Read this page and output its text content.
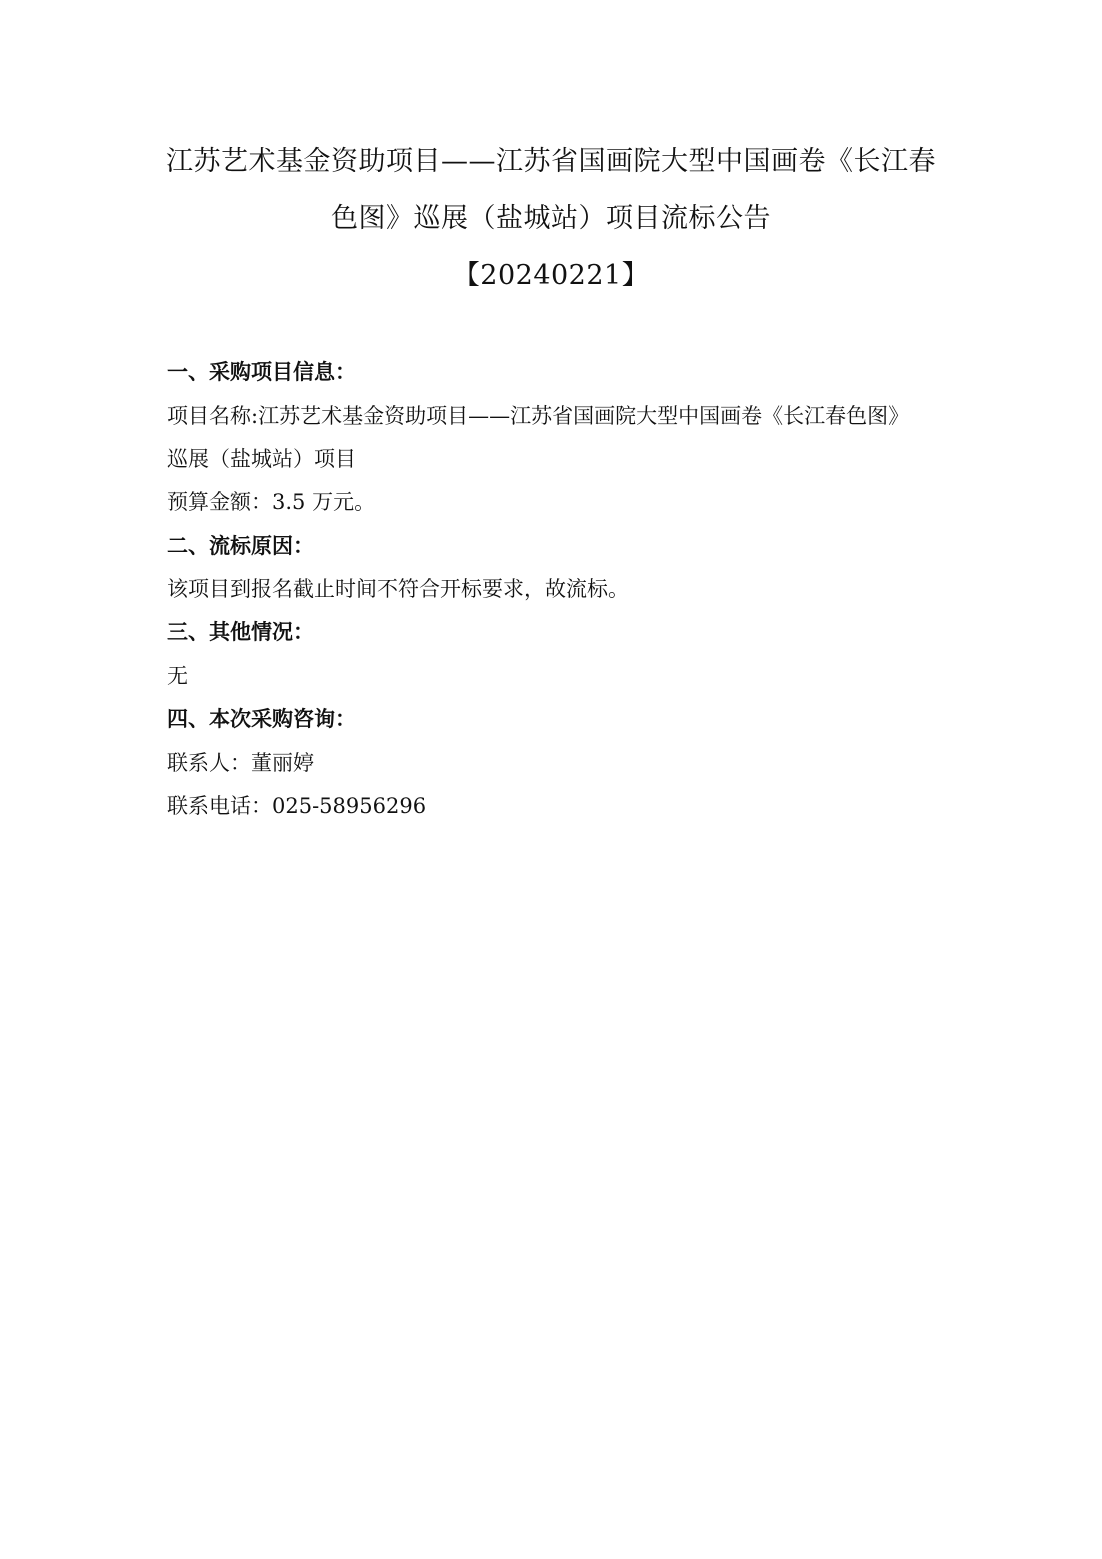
江苏艺术基金资助项目——江苏省国画院大型中国画卷《长江春
色图》巡展（盐城站）项目流标公告
【20240221】
一、采购项目信息：
项目名称:江苏艺术基金资助项目——江苏省国画院大型中国画卷《长江春色图》
巡展（盐城站）项目
预算金额：3.5 万元。
二、流标原因：
该项目到报名截止时间不符合开标要求，故流标。
三、其他情况：
无
四、本次采购咨询：
联系人：董丽婷
联系电话：025-58956296
